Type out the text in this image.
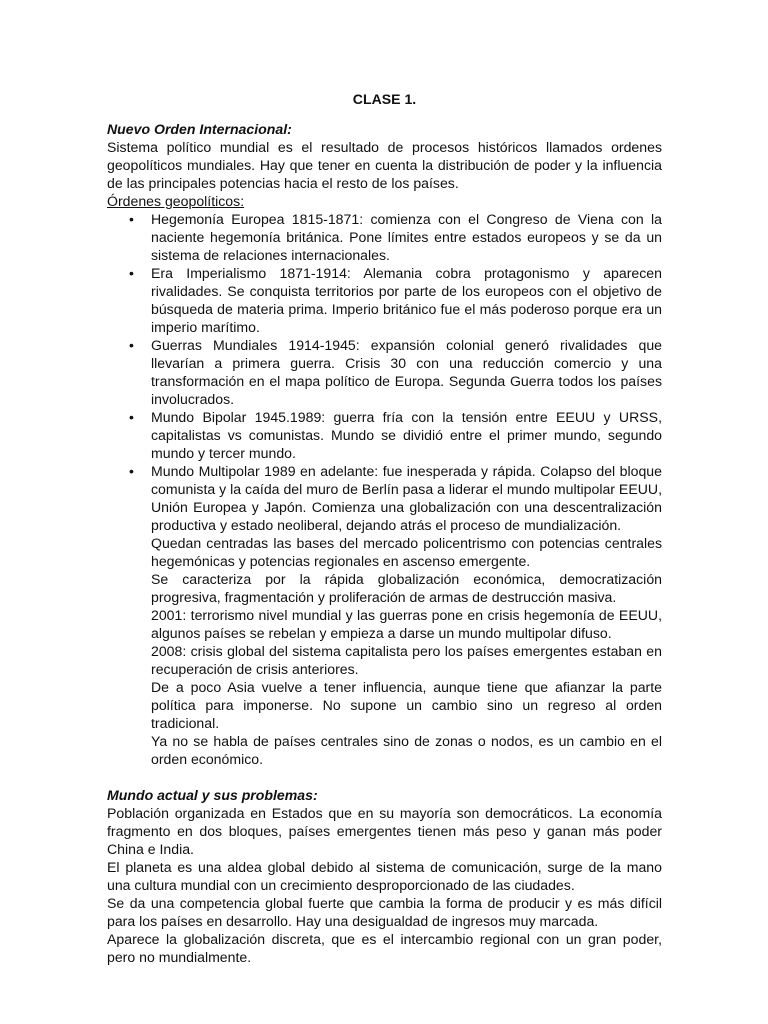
CLASE 1.
Nuevo Orden Internacional:

Sistema político mundial es el resultado de procesos históricos llamados ordenes geopolíticos mundiales. Hay que tener en cuenta la distribución de poder y la influencia de las principales potencias hacia el resto de los países.

Órdenes geopolíticos:

• Hegemonía Europea 1815-1871: comienza con el Congreso de Viena con la naciente hegemonía británica. Pone límites entre estados europeos y se da un sistema de relaciones internacionales.
• Era Imperialismo 1871-1914: Alemania cobra protagonismo y aparecen rivalidades. Se conquista territorios por parte de los europeos con el objetivo de búsqueda de materia prima. Imperio británico fue el más poderoso porque era un imperio marítimo.
• Guerras Mundiales 1914-1945: expansión colonial generó rivalidades que llevarían a primera guerra. Crisis 30 con una reducción comercio y una transformación en el mapa político de Europa. Segunda Guerra todos los países involucrados.
• Mundo Bipolar 1945.1989: guerra fría con la tensión entre EEUU y URSS, capitalistas vs comunistas. Mundo se dividió entre el primer mundo, segundo mundo y tercer mundo.
• Mundo Multipolar 1989 en adelante: fue inesperada y rápida. Colapso del bloque comunista y la caída del muro de Berlín pasa a liderar el mundo multipolar EEUU, Unión Europea y Japón. Comienza una globalización con una descentralización productiva y estado neoliberal, dejando atrás el proceso de mundialización.
Quedan centradas las bases del mercado policentrismo con potencias centrales hegemónicas y potencias regionales en ascenso emergente.
Se caracteriza por la rápida globalización económica, democratización progresiva, fragmentación y proliferación de armas de destrucción masiva.
2001: terrorismo nivel mundial y las guerras pone en crisis hegemonía de EEUU, algunos países se rebelan y empieza a darse un mundo multipolar difuso.
2008: crisis global del sistema capitalista pero los países emergentes estaban en recuperación de crisis anteriores.
De a poco Asia vuelve a tener influencia, aunque tiene que afianzar la parte política para imponerse. No supone un cambio sino un regreso al orden tradicional.
Ya no se habla de países centrales sino de zonas o nodos, es un cambio en el orden económico.
Mundo actual y sus problemas:

Población organizada en Estados que en su mayoría son democráticos. La economía fragmento en dos bloques, países emergentes tienen más peso y ganan más poder China e India.

El planeta es una aldea global debido al sistema de comunicación, surge de la mano una cultura mundial con un crecimiento desproporcionado de las ciudades.

Se da una competencia global fuerte que cambia la forma de producir y es más difícil para los países en desarrollo. Hay una desigualdad de ingresos muy marcada.

Aparece la globalización discreta, que es el intercambio regional con un gran poder, pero no mundialmente.
